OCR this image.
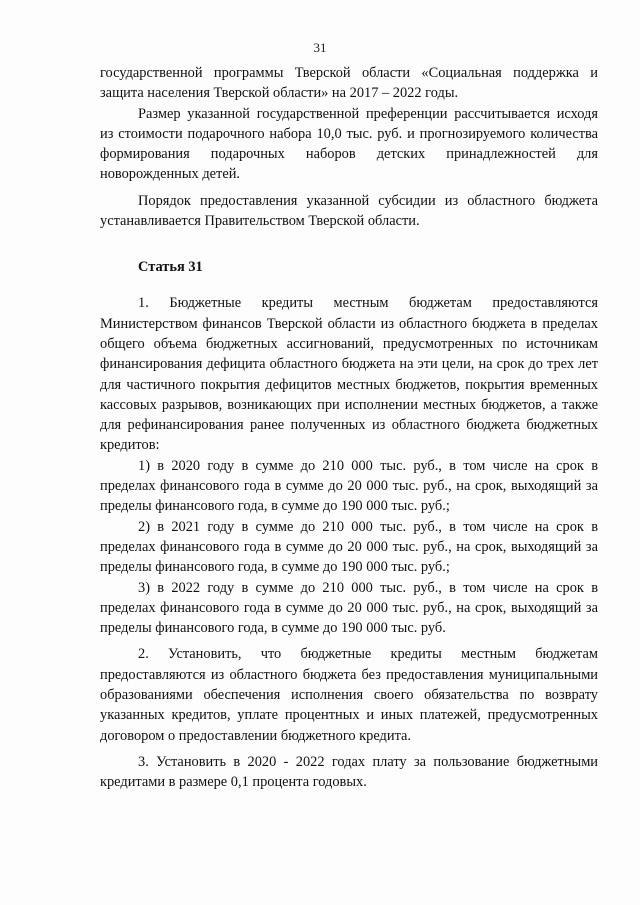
31

государственной программы Тверской области «Социальная поддержка и защита населения Тверской области» на 2017 – 2022 годы.

Размер указанной государственной преференции рассчитывается исходя из стоимости подарочного набора 10,0 тыс. руб. и прогнозируемого количества формирования подарочных наборов детских принадлежностей для новорожденных детей.

Порядок предоставления указанной субсидии из областного бюджета устанавливается Правительством Тверской области.

Статья 31

1. Бюджетные кредиты местным бюджетам предоставляются Министерством финансов Тверской области из областного бюджета в пределах общего объема бюджетных ассигнований, предусмотренных по источникам финансирования дефицита областного бюджета на эти цели, на срок до трех лет для частичного покрытия дефицитов местных бюджетов, покрытия временных кассовых разрывов, возникающих при исполнении местных бюджетов, а также для рефинансирования ранее полученных из областного бюджета бюджетных кредитов:

1) в 2020 году в сумме до 210 000 тыс. руб., в том числе на срок в пределах финансового года в сумме до 20 000 тыс. руб., на срок, выходящий за пределы финансового года, в сумме до 190 000 тыс. руб.;

2) в 2021 году в сумме до 210 000 тыс. руб., в том числе на срок в пределах финансового года в сумме до 20 000 тыс. руб., на срок, выходящий за пределы финансового года, в сумме до 190 000 тыс. руб.;

3) в 2022 году в сумме до 210 000 тыс. руб., в том числе на срок в пределах финансового года в сумме до 20 000 тыс. руб., на срок, выходящий за пределы финансового года, в сумме до 190 000 тыс. руб.

2. Установить, что бюджетные кредиты местным бюджетам предоставляются из областного бюджета без предоставления муниципальными образованиями обеспечения исполнения своего обязательства по возврату указанных кредитов, уплате процентных и иных платежей, предусмотренных договором о предоставлении бюджетного кредита.

3. Установить в 2020 - 2022 годах плату за пользование бюджетными кредитами в размере 0,1 процента годовых.
